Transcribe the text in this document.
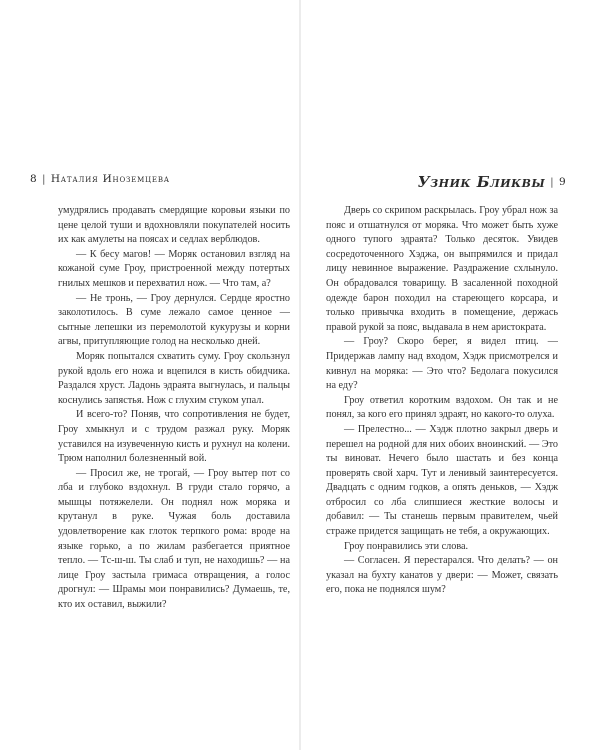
8 | Наталия Иноземцева	Узник Бликвы | 9

умудрялись продавать смердящие коровьи языки по цене целой туши и вдохновляли покупателей носить их как амулеты на поясах и седлах верблюдов.

— К бесу магов! — Моряк остановил взгляд на кожаной суме Гроу, пристроенной между потертых гнилых мешков и перехватил нож. — Что там, а?

— Не тронь, — Гроу дернулся. Сердце яростно заколотилось. В суме лежало самое ценное — сытные лепешки из перемолотой кукурузы и корни агвы, притупляющие голод на несколько дней.

Моряк попытался схватить суму. Гроу скользнул рукой вдоль его ножа и вцепился в кисть обидчика. Раздался хруст. Ладонь эдраята выгнулась, и пальцы коснулись запястья. Нож с глухим стуком упал.

И всего-то? Поняв, что сопротивления не будет, Гроу хмыкнул и с трудом разжал руку. Моряк уставился на изувеченную кисть и рухнул на колени. Трюм наполнил болезненный вой.

— Просил же, не трогай, — Гроу вытер пот со лба и глубоко вздохнул. В груди стало горячо, а мышцы потяжелели. Он поднял нож моряка и крутанул в руке. Чужая боль доставила удовлетворение как глоток терпкого рома: вроде на языке горько, а по жилам разбегается приятное тепло. — Тс-ш-ш. Ты слаб и туп, не находишь? — на лице Гроу застыла гримаса отвращения, а голос дрогнул: — Шрамы мои понравились? Думаешь, те, кто их оставил, выжили?

Дверь со скрипом раскрылась. Гроу убрал нож за пояс и отшатнулся от моряка. Что может быть хуже одного тупого эдраята? Только десяток. Увидев сосредоточенного Хэджа, он выпрямился и придал лицу невинное выражение. Раздражение схлынуло. Он обрадовался товарищу. В засаленной походной одежде барон походил на стареющего корсара, и только привычка входить в помещение, держась правой рукой за пояс, выдавала в нем аристократа.

— Гроу? Скоро берег, я видел птиц. — Придержав лампу над входом, Хэдж присмотрелся и кивнул на моряка: — Это что? Бедолага покусился на еду?

Гроу ответил коротким вздохом. Он так и не понял, за кого его принял эдраят, но какого-то олуха.

— Прелестно... — Хэдж плотно закрыл дверь и перешел на родной для них обоих вноинский. — Это ты виноват. Нечего было шастать и без конца проверять свой харч. Тут и ленивый заинтересуется. Двадцать с одним годков, а опять деньков, — Хэдж отбросил со лба слипшиеся жесткие волосы и добавил: — Ты станешь первым правителем, чьей страже придется защищать не тебя, а окружающих.

Гроу понравились эти слова.

— Согласен. Я перестарался. Что делать? — он указал на бухту канатов у двери: — Может, связать его, пока не поднялся шум?
